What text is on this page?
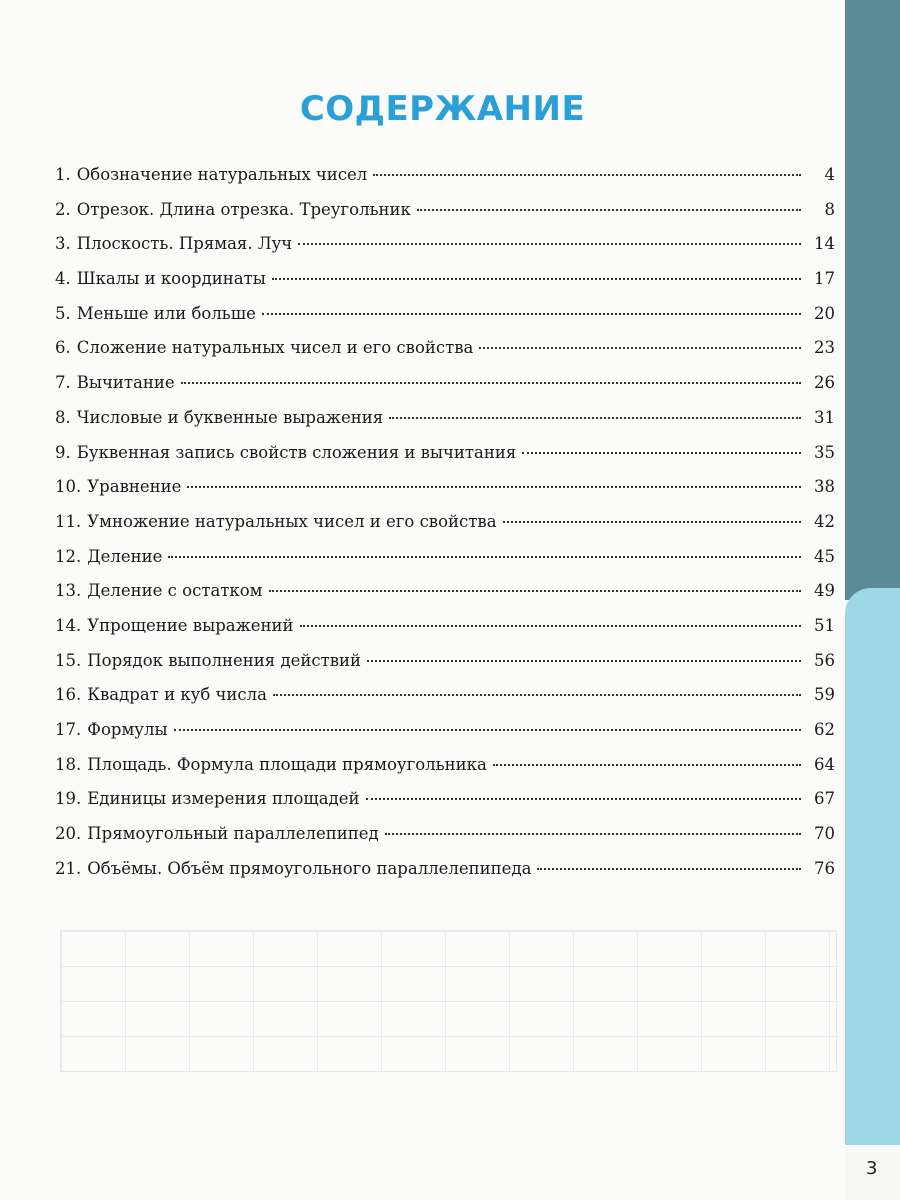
3
СОДЕРЖАНИЕ
1. Обозначение натуральных чисел	4
2. Отрезок. Длина отрезка. Треугольник	8
3. Плоскость. Прямая. Луч	14
4. Шкалы и координаты	17
5. Меньше или больше	20
6. Сложение натуральных чисел и его свойства	23
7. Вычитание	26
8. Числовые и буквенные выражения	31
9. Буквенная запись свойств сложения и вычитания	35
10. Уравнение	38
11. Умножение натуральных чисел и его свойства	42
12. Деление	45
13. Деление с остатком	49
14. Упрощение выражений	51
15. Порядок выполнения действий	56
16. Квадрат и куб числа	59
17. Формулы	62
18. Площадь. Формула площади прямоугольника	64
19. Единицы измерения площадей	67
20. Прямоугольный параллелепипед	70
21. Объёмы. Объём прямоугольного параллелепипеда	76
